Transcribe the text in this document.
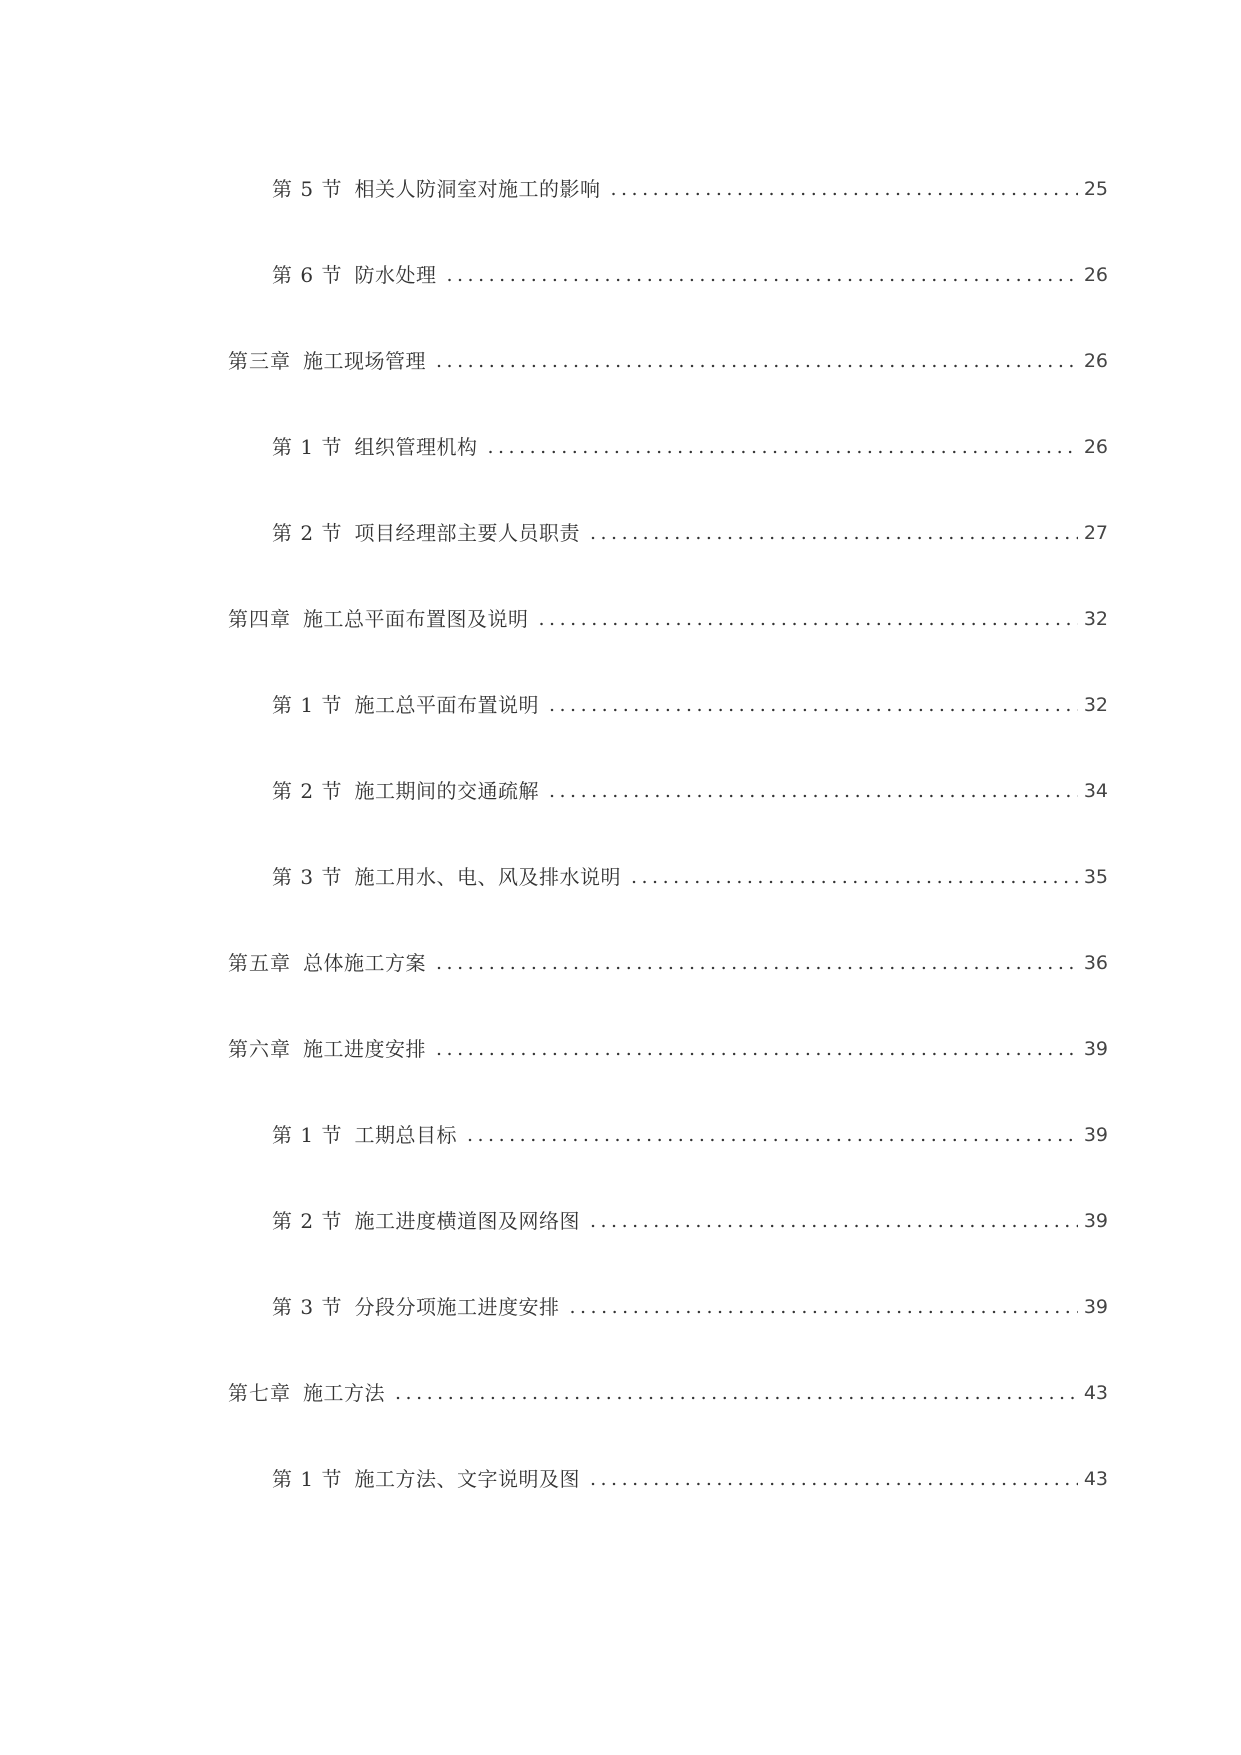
第 5 节 相关人防洞室对施工的影响 .....	25
第 6 节 防水处理 .....	26
第三章 施工现场管理 .....	26
第 1 节 组织管理机构 .....	26
第 2 节 项目经理部主要人员职责 .....	27
第四章 施工总平面布置图及说明 .....	32
第 1 节 施工总平面布置说明 .....	32
第 2 节 施工期间的交通疏解 .....	34
第 3 节 施工用水、电、风及排水说明 .....	35
第五章 总体施工方案 .....	36
第六章 施工进度安排 .....	39
第 1 节 工期总目标 .....	39
第 2 节 施工进度横道图及网络图 .....	39
第 3 节 分段分项施工进度安排 .....	39
第七章 施工方法 .....	43
第 1 节 施工方法、文字说明及图 .....	43
